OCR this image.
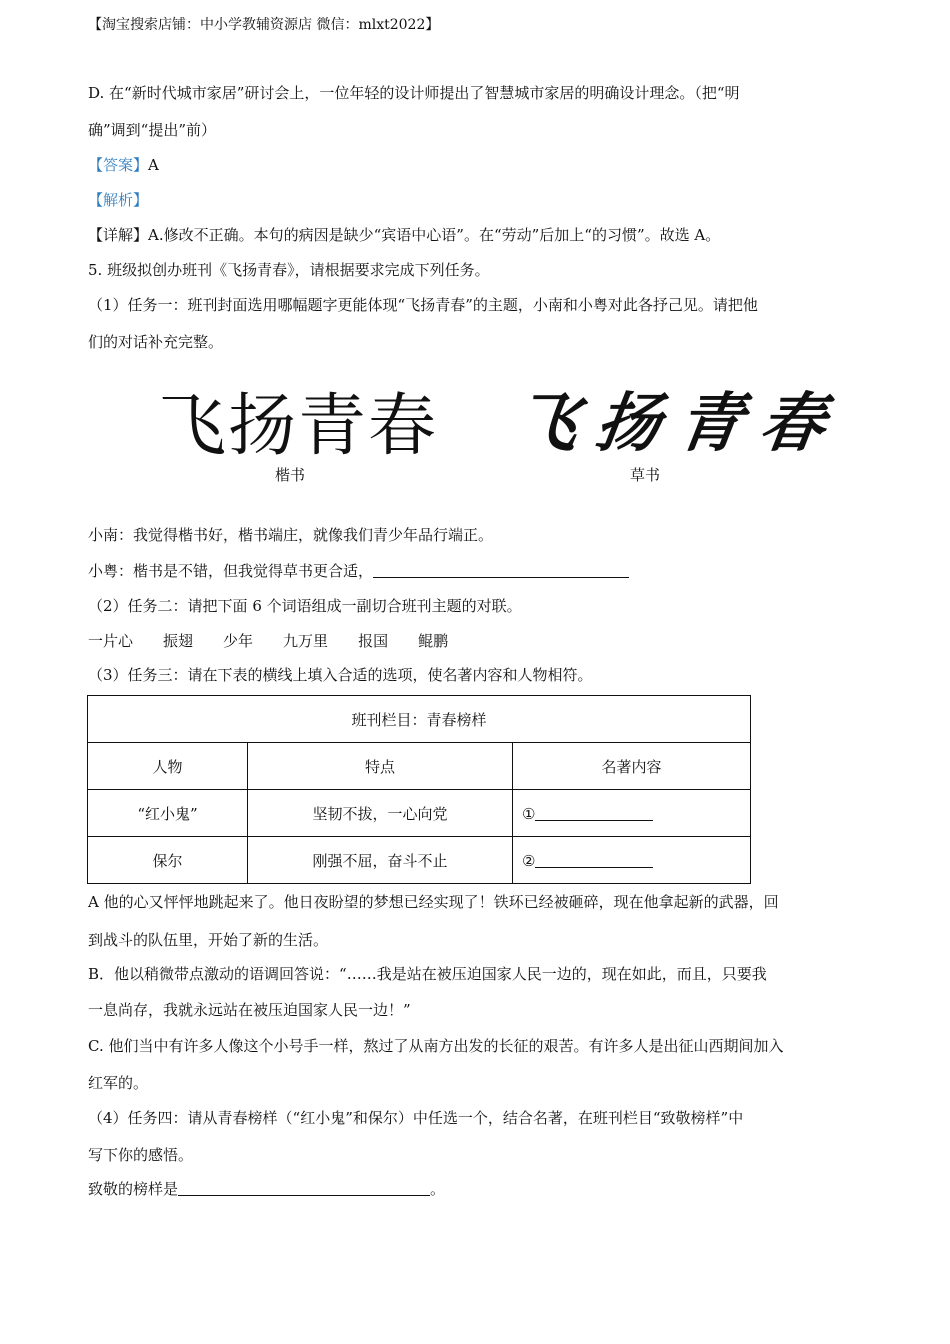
【淘宝搜索店铺：中小学教辅资源店 微信：mlxt2022】
D. 在“新时代城市家居”研讨会上，一位年轻的设计师提出了智慧城市家居的明确设计理念。（把“明
确”调到“提出”前）
【答案】A
【解析】
【详解】A.修改不正确。本句的病因是缺少“宾语中心语”。在“劳动”后加上“的习惯”。故选 A。
5. 班级拟创办班刊《飞扬青春》，请根据要求完成下列任务。
（1）任务一：班刊封面选用哪幅题字更能体现“飞扬青春”的主题，小南和小粤对此各抒己见。请把他
们的对话补充完整。
飞扬青春 飞扬青春
楷书	草书
小南：我觉得楷书好，楷书端庄，就像我们青少年品行端正。
小粤：楷书是不错，但我觉得草书更合适，
（2）任务二：请把下面 6 个词语组成一副切合班刊主题的对联。
一片心 振翅 少年 九万里 报国 鲲鹏
（3）任务三：请在下表的横线上填入合适的选项，使名著内容和人物相符。
班刊栏目：青春榜样		
人物	特点	名著内容
“红小鬼”	坚韧不拔，一心向党	①
保尔	刚强不屈，奋斗不止	②
A 他的心又怦怦地跳起来了。他日夜盼望的梦想已经实现了！铁环已经被砸碎，现在他拿起新的武器，回
到战斗的队伍里，开始了新的生活。
B．他以稍微带点激动的语调回答说：“……我是站在被压迫国家人民一边的，现在如此，而且，只要我
一息尚存，我就永远站在被压迫国家人民一边！”
C. 他们当中有许多人像这个小号手一样，熬过了从南方出发的长征的艰苦。有许多人是出征山西期间加入
红军的。
（4）任务四：请从青春榜样（“红小鬼”和保尔）中任选一个，结合名著，在班刊栏目“致敬榜样”中
写下你的感悟。
致敬的榜样是	。
